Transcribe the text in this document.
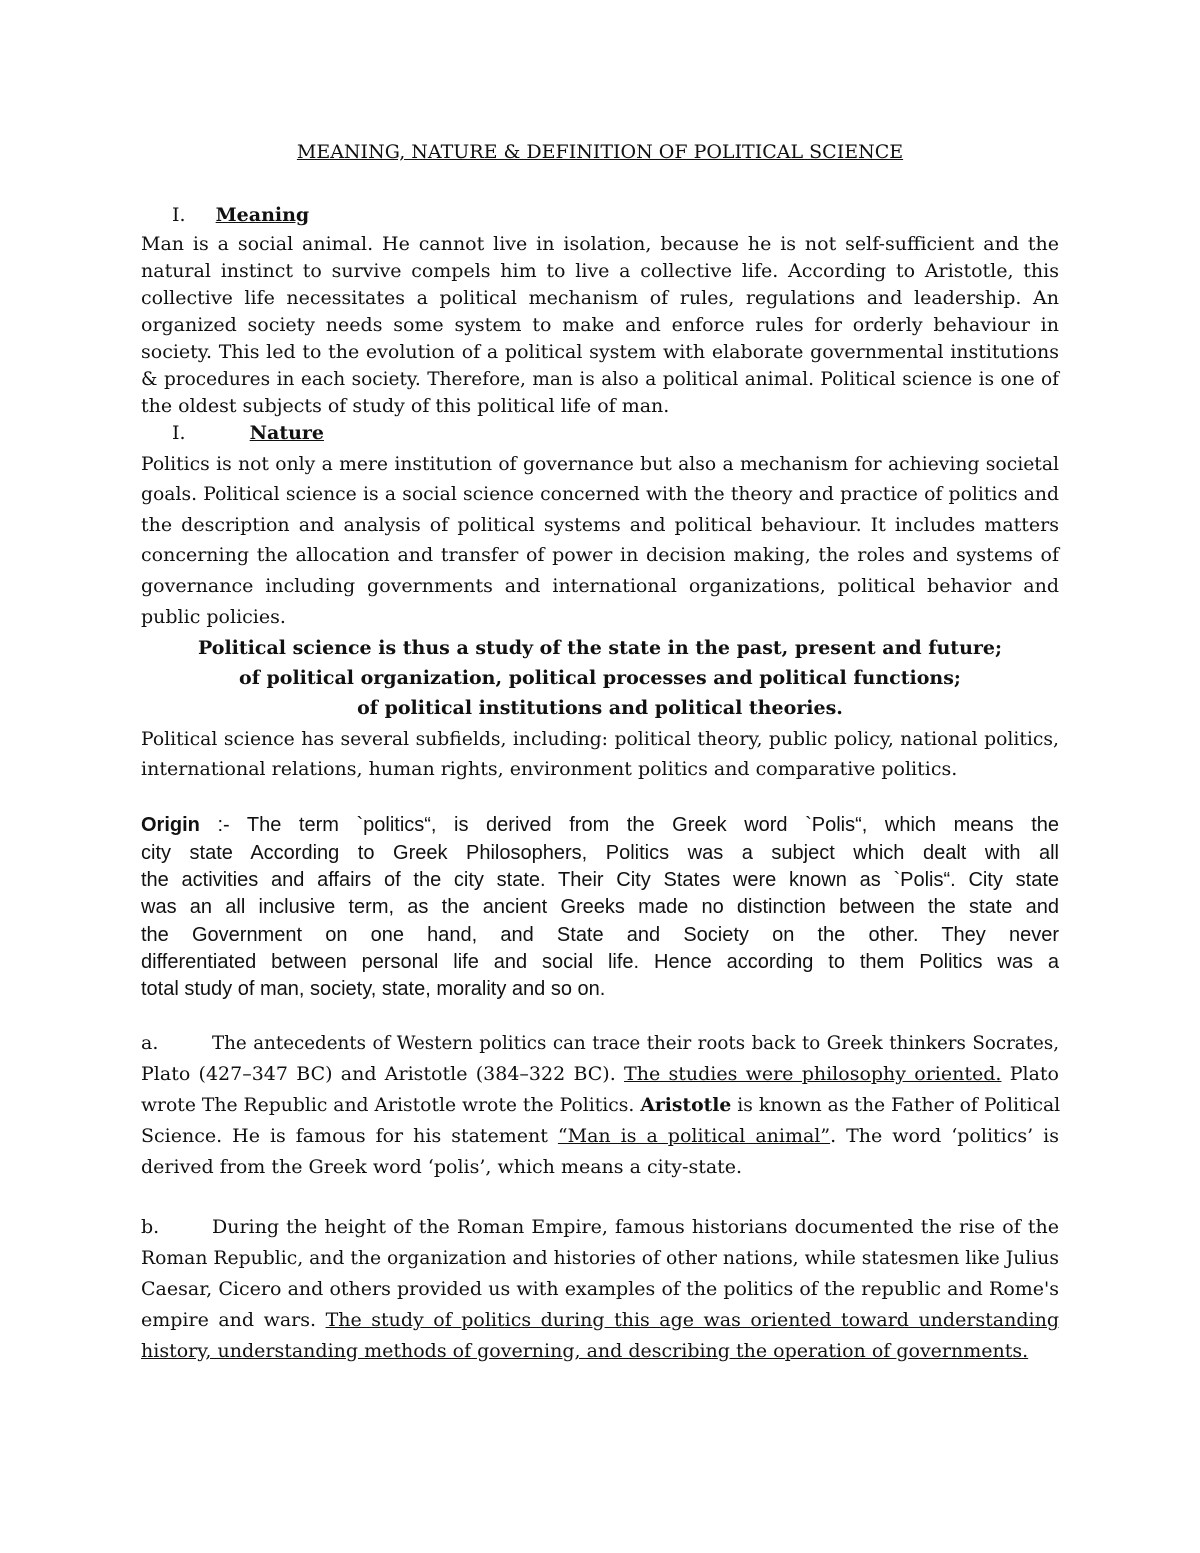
MEANING, NATURE & DEFINITION OF POLITICAL SCIENCE
I. Meaning
Man is a social animal. He cannot live in isolation, because he is not self-sufficient and the
natural instinct to survive compels him to live a collective life. According to Aristotle, this
collective life necessitates a political mechanism of rules, regulations and leadership. An
organized society needs some system to make and enforce rules for orderly behaviour in
society. This led to the evolution of a political system with elaborate governmental institutions
& procedures in each society. Therefore, man is also a political animal. Political science is one of
the oldest subjects of study of this political life of man.
I.	Nature
Politics is not only a mere institution of governance but also a mechanism for achieving societal
goals. Political science is a social science concerned with the theory and practice of politics and
the description and analysis of political systems and political behaviour. It includes matters
concerning the allocation and transfer of power in decision making, the roles and systems of
governance including governments and international organizations, political behavior and
public policies.
Political science is thus a study of the state in the past, present and future;
of political organization, political processes and political functions;
of political institutions and political theories.
Political science has several subfields, including: political theory, public policy, national politics,
international relations, human rights, environment politics and comparative politics.
Origin :- The term `politics“, is derived from the Greek word `Polis“, which means the
city state According to Greek Philosophers, Politics was a subject which dealt with all
the activities and affairs of the city state. Their City States were known as `Polis“. City state
was an all inclusive term, as the ancient Greeks made no distinction between the state and
the Government on one hand, and State and Society on the other. They never
differentiated between personal life and social life. Hence according to them Politics was a
total study of man, society, state, morality and so on.
a.	The antecedents of Western politics can trace their roots back to Greek thinkers Socrates,
Plato (427–347 BC) and Aristotle (384–322 BC). The studies were philosophy oriented. Plato
wrote The Republic and Aristotle wrote the Politics. Aristotle is known as the Father of Political
Science. He is famous for his statement “Man is a political animal”. The word ‘politics’ is
derived from the Greek word ‘polis’, which means a city-state.
b.	During the height of the Roman Empire, famous historians documented the rise of the
Roman Republic, and the organization and histories of other nations, while statesmen like Julius
Caesar, Cicero and others provided us with examples of the politics of the republic and Rome's
empire and wars. The study of politics during this age was oriented toward understanding
history, understanding methods of governing, and describing the operation of governments.
